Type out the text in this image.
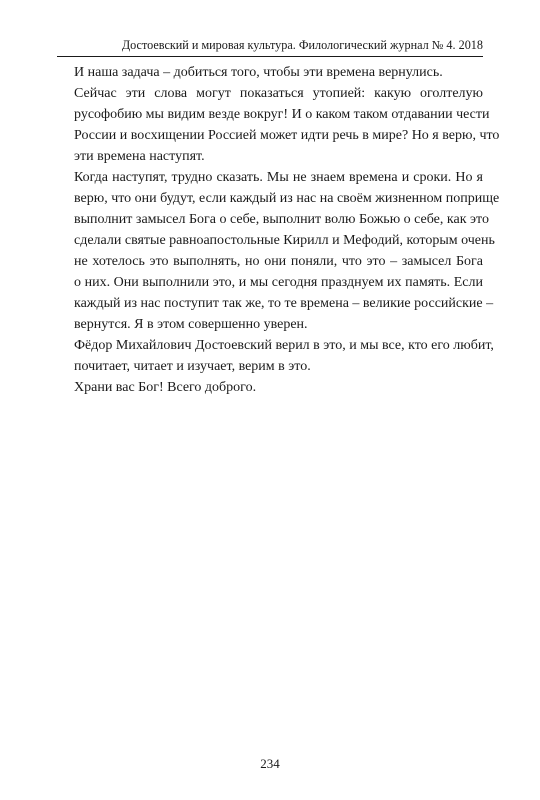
Достоевский и мировая культура. Филологический журнал № 4. 2018

И наша задача – добиться того, чтобы эти времена вернулись.

Сейчас эти слова могут показаться утопией: какую оголтелую
русофобию мы видим везде вокруг! И о каком таком отдавании чести
России и восхищении Россией может идти речь в мире? Но я верю, что
эти времена наступят.

Когда наступят, трудно сказать. Мы не знаем времена и сроки. Но я
верю, что они будут, если каждый из нас на своём жизненном поприще
выполнит замысел Бога о себе, выполнит волю Божью о себе, как это
сделали святые равноапостольные Кирилл и Мефодий, которым очень
не хотелось это выполнять, но они поняли, что это – замысел Бога
о них. Они выполнили это, и мы сегодня празднуем их память. Если
каждый из нас поступит так же, то те времена – великие российские –
вернутся. Я в этом совершенно уверен.

Фёдор Михайлович Достоевский верил в это, и мы все, кто его любит,
почитает, читает и изучает, верим в это.

Храни вас Бог! Всего доброго.

234
